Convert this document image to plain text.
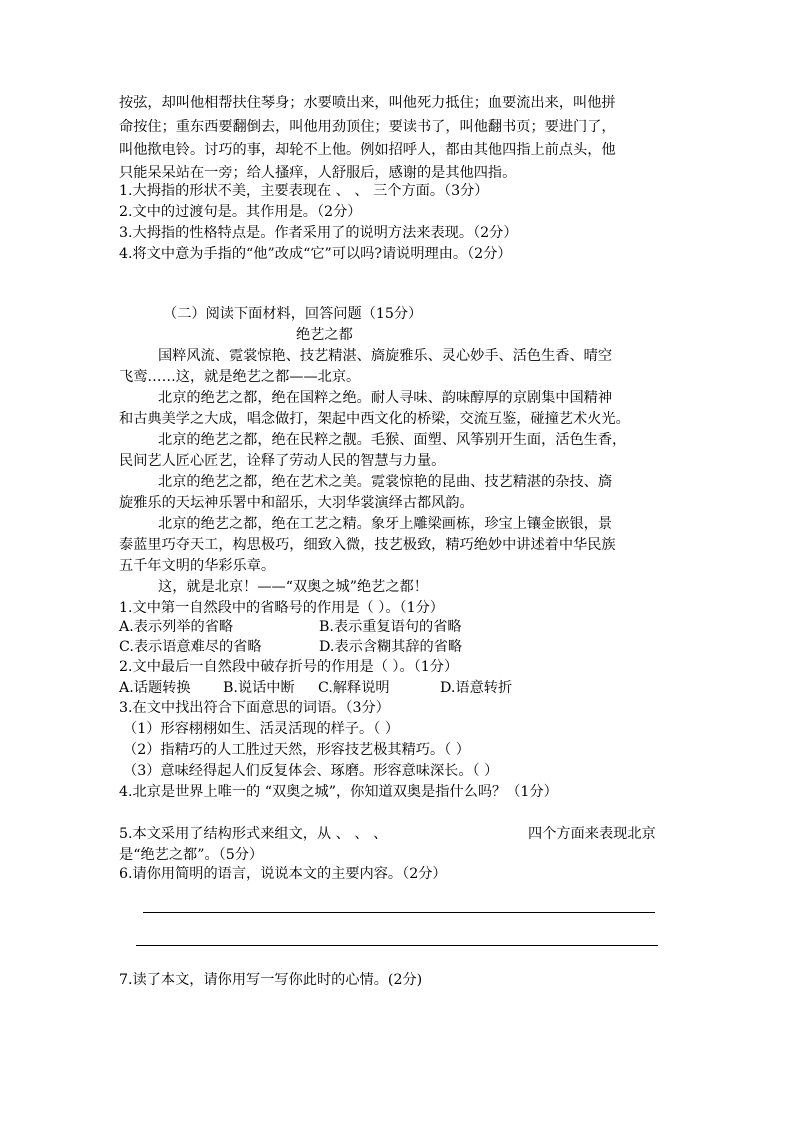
按弦，却叫他相帮扶住琴身；水要喷出来，叫他死力抵住；血要流出来，叫他拼
命按住；重东西要翻倒去，叫他用劲顶住；要读书了，叫他翻书页；要进门了，
叫他揿电铃。讨巧的事，却轮不上他。例如招呼人，都由其他四指上前点头，他
只能呆呆站在一旁；给人搔痒，人舒服后，感谢的是其他四指。
1.大拇指的形状不美，主要表现在 、 、 三个方面。（3分）
2.文中的过渡句是。其作用是。（2分）
3.大拇指的性格特点是。作者采用了的说明方法来表现。（2分）
4.将文中意为手指的“他”改成“它”可以吗?请说明理由。（2分）
（二）阅读下面材料，回答问题（15分）
绝艺之都
国粹风流、霓裳惊艳、技艺精湛、旖旋雅乐、灵心妙手、活色生香、晴空
飞鸾……这，就是绝艺之都——北京。
北京的绝艺之都，绝在国粹之绝。耐人寻味、韵味醇厚的京剧集中国精神
和古典美学之大成，唱念做打，架起中西文化的桥梁，交流互鉴，碰撞艺术火光。
北京的绝艺之都，绝在民粹之靓。毛猴、面塑、风筝别开生面，活色生香，
民间艺人匠心匠艺，诠释了劳动人民的智慧与力量。
北京的绝艺之都，绝在艺术之美。霓裳惊艳的昆曲、技艺精湛的杂技、旖
旋雅乐的天坛神乐署中和韶乐，大羽华裳演绎古都风韵。
北京的绝艺之都，绝在工艺之精。象牙上雕梁画栋，珍宝上镶金嵌银，景
泰蓝里巧夺天工，构思极巧，细致入微，技艺极致，精巧绝妙中讲述着中华民族
五千年文明的华彩乐章。
这，就是北京！——“双奥之城”绝艺之都！
1.文中第一自然段中的省略号的作用是（ ）。（1分）
A.表示列举的省略	B.表示重复语句的省略
C.表示语意难尽的省略	D.表示含糊其辞的省略
2.文中最后一自然段中破存折号的作用是（ ）。（1分）
A.话题转换 B.说话中断 C.解释说明	D.语意转折
3.在文中找出符合下面意思的词语。（3分）
（1）形容栩栩如生、活灵活现的样子。（ ）
（2）指精巧的人工胜过天然，形容技艺极其精巧。（ ）
（3）意味经得起人们反复体会、琢磨。形容意味深长。（ ）
4.北京是世界上唯一的 “双奥之城”，你知道双奥是指什么吗？（1分）
5.本文采用了结构形式来组文，从 、 、 、	四个方面来表现北京
是“绝艺之都”。（5分）
6.请你用简明的语言，说说本文的主要内容。（2分）
7.读了本文，请你用写一写你此时的心情。(2分)
